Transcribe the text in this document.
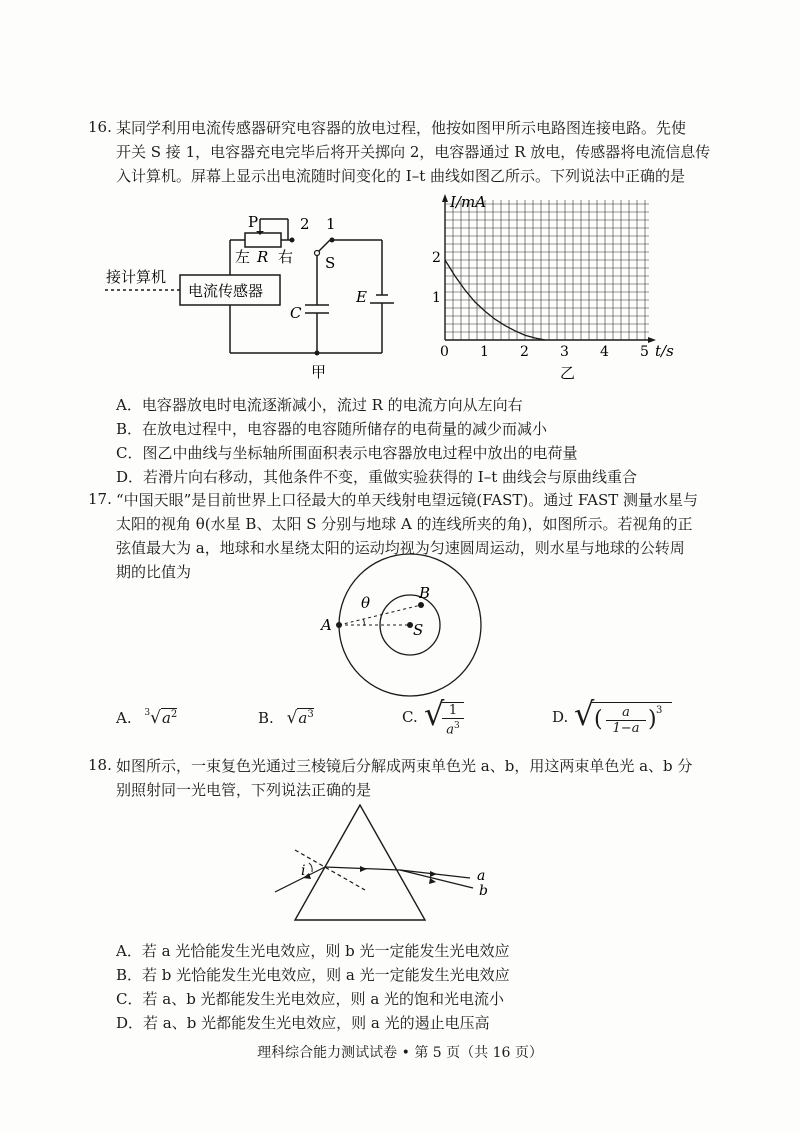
16. 某同学利用电流传感器研究电容器的放电过程，他按如图甲所示电路图连接电路。先使
开关 S 接 1，电容器充电完毕后将开关掷向 2，电容器通过 R 放电，传感器将电流信息传
入计算机。屏幕上显示出电流随时间变化的 I–t 曲线如图乙所示。下列说法中正确的是
P	2 1
左 R 右 S
接计算机
电流传感器
C
E
甲
I/mA
t/s
2
1
0 1 2 3 4 5
乙
A．电容器放电时电流逐渐减小，流过 R 的电流方向从左向右
B．在放电过程中，电容器的电容随所储存的电荷量的减少而减小
C．图乙中曲线与坐标轴所围面积表示电容器放电过程中放出的电荷量
D．若滑片向右移动，其他条件不变，重做实验获得的 I–t 曲线会与原曲线重合
17. “中国天眼”是目前世界上口径最大的单天线射电望远镜(FAST)。通过 FAST 测量水星与
太阳的视角 θ(水星 B、太阳 S 分别与地球 A 的连线所夹的角)，如图所示。若视角的正
弦值最大为 a，地球和水星绕太阳的运动均视为匀速圆周运动，则水星与地球的公转周
期的比值为
A
B
S
θ
A. $^3√a^2$	B. $√a^3$	C. √ 1
$a^3$	D. √ (	a
1−a ) 3
18. 如图所示，一束复色光通过三棱镜后分解成两束单色光 a、b，用这两束单色光 a、b 分
别照射同一光电管，下列说法正确的是
i	a
b
A．若 a 光恰能发生光电效应，则 b 光一定能发生光电效应
B．若 b 光恰能发生光电效应，则 a 光一定能发生光电效应
C．若 a、b 光都能发生光电效应，则 a 光的饱和光电流小
D．若 a、b 光都能发生光电效应，则 a 光的遏止电压高
理科综合能力测试试卷 • 第 5 页（共 16 页）
